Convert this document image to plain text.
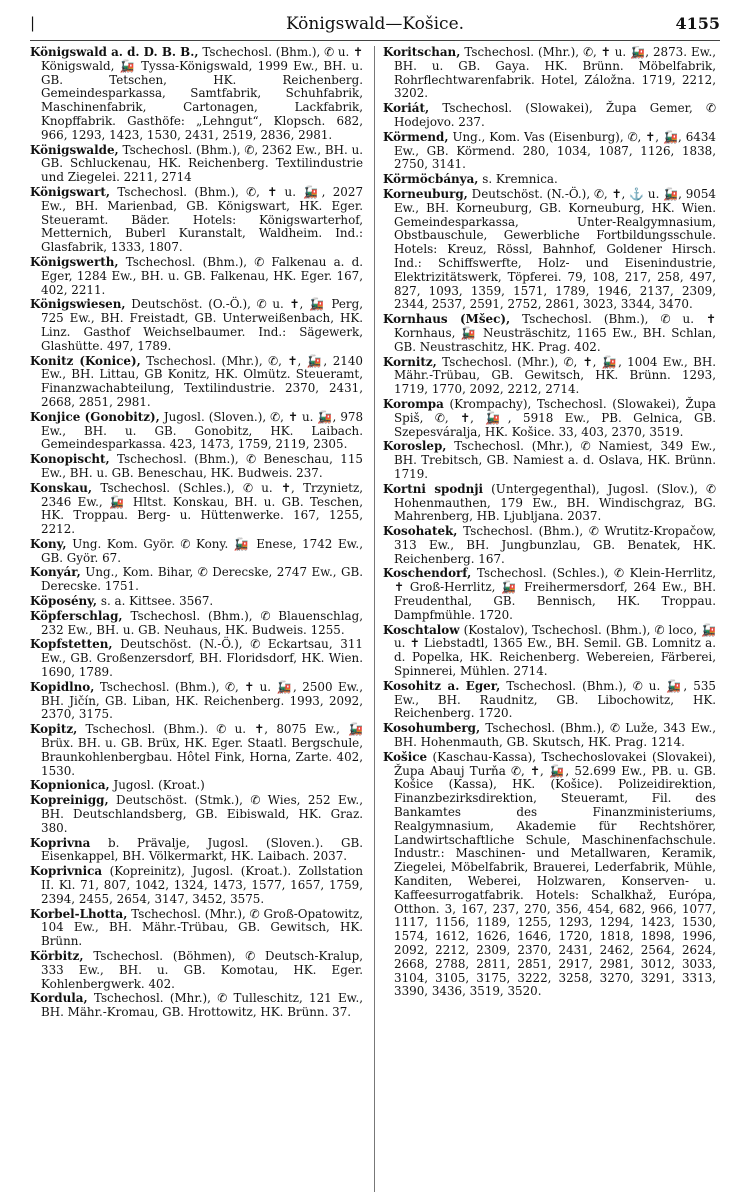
|	Königswald—Košice.	4155

Königswald a. d. D. B. B., Tschechosl. (Bhm.), ✆ u. ✝ Königswald, 🚂 Tyssa-Königswald, 1999 Ew., BH. u. GB. Tetschen, HK. Reichenberg. Gemeindesparkassa, Samtfabrik, Schuhfabrik, Maschinenfabrik, Cartonagen, Lackfabrik, Knopffabrik. Gasthöfe: „Lehngut“, Klopsch. 682, 966, 1293, 1423, 1530, 2431, 2519, 2836, 2981.

Königswalde, Tschechosl. (Bhm.), ✆, 2362 Ew., BH. u. GB. Schluckenau, HK. Reichenberg. Textilindustrie und Ziegelei. 2211, 2714

Königswart, Tschechosl. (Bhm.), ✆, ✝ u. 🚂, 2027 Ew., BH. Marienbad, GB. Königswart, HK. Eger. Steueramt. Bäder. Hotels: Königswarterhof, Metternich, Buberl Kuranstalt, Waldheim. Ind.: Glasfabrik, 1333, 1807.

Königswerth, Tschechosl. (Bhm.), ✆ Falkenau a. d. Eger, 1284 Ew., BH. u. GB. Falkenau, HK. Eger. 167, 402, 2211.

Königswiesen, Deutschöst. (O.-Ö.), ✆ u. ✝, 🚂 Perg, 725 Ew., BH. Freistadt, GB. Unterweißenbach, HK. Linz. Gasthof Weichselbaumer. Ind.: Sägewerk, Glashütte. 497, 1789.

Konitz (Konice), Tschechosl. (Mhr.), ✆, ✝, 🚂, 2140 Ew., BH. Littau, GB Konitz, HK. Olmütz. Steueramt, Finanzwachabteilung, Textilindustrie. 2370, 2431, 2668, 2851, 2981.

Konjice (Gonobitz), Jugosl. (Sloven.), ✆, ✝ u. 🚂, 978 Ew., BH. u. GB. Gonobitz, HK. Laibach. Gemeindesparkassa. 423, 1473, 1759, 2119, 2305.

Konopischt, Tschechosl. (Bhm.), ✆ Beneschau, 115 Ew., BH. u. GB. Beneschau, HK. Budweis. 237.

Konskau, Tschechosl. (Schles.), ✆ u. ✝, Trzynietz, 2346 Ew., 🚂 Hltst. Konskau, BH. u. GB. Teschen, HK. Troppau. Berg- u. Hüttenwerke. 167, 1255, 2212.

Kony, Ung. Kom. Györ. ✆ Kony. 🚂 Enese, 1742 Ew., GB. Györ. 67.

Konyár, Ung., Kom. Bihar, ✆ Derecske, 2747 Ew., GB. Derecske. 1751.

Köposény, s. a. Kittsee. 3567.

Köpferschlag, Tschechosl. (Bhm.), ✆ Blauenschlag, 232 Ew., BH. u. GB. Neuhaus, HK. Budweis. 1255.

Kopfstetten, Deutschöst. (N.-Ö.), ✆ Eckartsau, 311 Ew., GB. Großenzersdorf, BH. Floridsdorf, HK. Wien. 1690, 1789.

Kopidlno, Tschechosl. (Bhm.), ✆, ✝ u. 🚂, 2500 Ew., BH. Jičín, GB. Liban, HK. Reichenberg. 1993, 2092, 2370, 3175.

Kopitz, Tschechosl. (Bhm.). ✆ u. ✝, 8075 Ew., 🚂 Brüx. BH. u. GB. Brüx, HK. Eger. Staatl. Bergschule, Braunkohlenbergbau. Hôtel Fink, Horna, Zarte. 402, 1530.

Kopnionica, Jugosl. (Kroat.)

Kopreinigg, Deutschöst. (Stmk.), ✆ Wies, 252 Ew., BH. Deutschlandsberg, GB. Eibiswald, HK. Graz. 380.

Koprivna b. Prävalje, Jugosl. (Sloven.). GB. Eisenkappel, BH. Völkermarkt, HK. Laibach. 2037.

Koprivnica (Kopreinitz), Jugosl. (Kroat.). Zollstation II. Kl. 71, 807, 1042, 1324, 1473, 1577, 1657, 1759, 2394, 2455, 2654, 3147, 3452, 3575.

Korbel-Lhotta, Tschechosl. (Mhr.), ✆ Groß-Opatowitz, 104 Ew., BH. Mähr.-Trübau, GB. Gewitsch, HK. Brünn.

Körbitz, Tschechosl. (Böhmen), ✆ Deutsch-Kralup, 333 Ew., BH. u. GB. Komotau, HK. Eger. Kohlenbergwerk. 402.

Kordula, Tschechosl. (Mhr.), ✆ Tulleschitz, 121 Ew., BH. Mähr.-Kromau, GB. Hrottowitz, HK. Brünn. 37.

Koritschan, Tschechosl. (Mhr.), ✆, ✝ u. 🚂, 2873. Ew., BH. u. GB. Gaya. HK. Brünn. Möbelfabrik, Rohrflechtwarenfabrik. Hotel, Záložna. 1719, 2212, 3202.

Koriát, Tschechosl. (Slowakei), Župa Gemer, ✆ Hodejovo. 237.

Körmend, Ung., Kom. Vas (Eisenburg), ✆, ✝, 🚂, 6434 Ew., GB. Körmend. 280, 1034, 1087, 1126, 1838, 2750, 3141.

Körmöcbánya, s. Kremnica.

Korneuburg, Deutschöst. (N.-Ö.), ✆, ✝, ⚓ u. 🚂, 9054 Ew., BH. Korneuburg, GB. Korneuburg, HK. Wien. Gemeindesparkassa, Unter-Realgymnasium, Obstbauschule, Gewerbliche Fortbildungsschule. Hotels: Kreuz, Rössl, Bahnhof, Goldener Hirsch. Ind.: Schiffswerfte, Holz- und Eisenindustrie, Elektrizitätswerk, Töpferei. 79, 108, 217, 258, 497, 827, 1093, 1359, 1571, 1789, 1946, 2137, 2309, 2344, 2537, 2591, 2752, 2861, 3023, 3344, 3470.

Kornhaus (Mšec), Tschechosl. (Bhm.), ✆ u. ✝ Kornhaus, 🚂 Neusträschitz, 1165 Ew., BH. Schlan, GB. Neustraschitz, HK. Prag. 402.

Kornitz, Tschechosl. (Mhr.), ✆, ✝, 🚂, 1004 Ew., BH. Mähr.-Trübau, GB. Gewitsch, HK. Brünn. 1293, 1719, 1770, 2092, 2212, 2714.

Korompa (Krompachy), Tschechosl. (Slowakei), Župa Spiš, ✆, ✝, 🚂, 5918 Ew., PB. Gelnica, GB. Szepesváralja, HK. Košice. 33, 403, 2370, 3519.

Koroslep, Tschechosl. (Mhr.), ✆ Namiest, 349 Ew., BH. Trebitsch, GB. Namiest a. d. Oslava, HK. Brünn. 1719.

Kortni spodnji (Untergegenthal), Jugosl. (Slov.), ✆ Hohenmauthen, 179 Ew., BH. Windischgraz, BG. Mahrenberg, HB. Ljubljana. 2037.

Kosohatek, Tschechosl. (Bhm.), ✆ Wrutitz-Kropačow, 313 Ew., BH. Jungbunzlau, GB. Benatek, HK. Reichenberg. 167.

Koschendorf, Tschechosl. (Schles.), ✆ Klein-Herrlitz, ✝ Groß-Herrlitz, 🚂 Freihermersdorf, 264 Ew., BH. Freudenthal, GB. Bennisch, HK. Troppau. Dampfmühle. 1720.

Koschtalow (Kostalov), Tschechosl. (Bhm.), ✆ loco, 🚂 u. ✝ Liebstadtl, 1365 Ew., BH. Semil. GB. Lomnitz a. d. Popelka, HK. Reichenberg. Webereien, Färberei, Spinnerei, Mühlen. 2714.

Kosohitz a. Eger, Tschechosl. (Bhm.), ✆ u. 🚂, 535 Ew., BH. Raudnitz, GB. Libochowitz, HK. Reichenberg. 1720.

Kosohumberg, Tschechosl. (Bhm.), ✆ Luže, 343 Ew., BH. Hohenmauth, GB. Skutsch, HK. Prag. 1214.

Košice (Kaschau-Kassa), Tschechoslovakei (Slovakei), Župa Abauj Turňa ✆, ✝, 🚂, 52.699 Ew., PB. u. GB. Košice (Kassa), HK. (Košice). Polizeidirektion, Finanzbezirksdirektion, Steueramt, Fil. des Bankamtes des Finanzministeriums, Realgymnasium, Akademie für Rechtshörer, Landwirtschaftliche Schule, Maschinenfachschule. Industr.: Maschinen- und Metallwaren, Keramik, Ziegelei, Möbelfabrik, Brauerei, Lederfabrik, Mühle, Kanditen, Weberei, Holzwaren, Konserven- u. Kaffeesurrogatfabrik. Hotels: Schalkhaž, Európa, Otthon. 3, 167, 237, 270, 356, 454, 682, 966, 1077, 1117, 1156, 1189, 1255, 1293, 1294, 1423, 1530, 1574, 1612, 1626, 1646, 1720, 1818, 1898, 1996, 2092, 2212, 2309, 2370, 2431, 2462, 2564, 2624, 2668, 2788, 2811, 2851, 2917, 2981, 3012, 3033, 3104, 3105, 3175, 3222, 3258, 3270, 3291, 3313, 3390, 3436, 3519, 3520.
